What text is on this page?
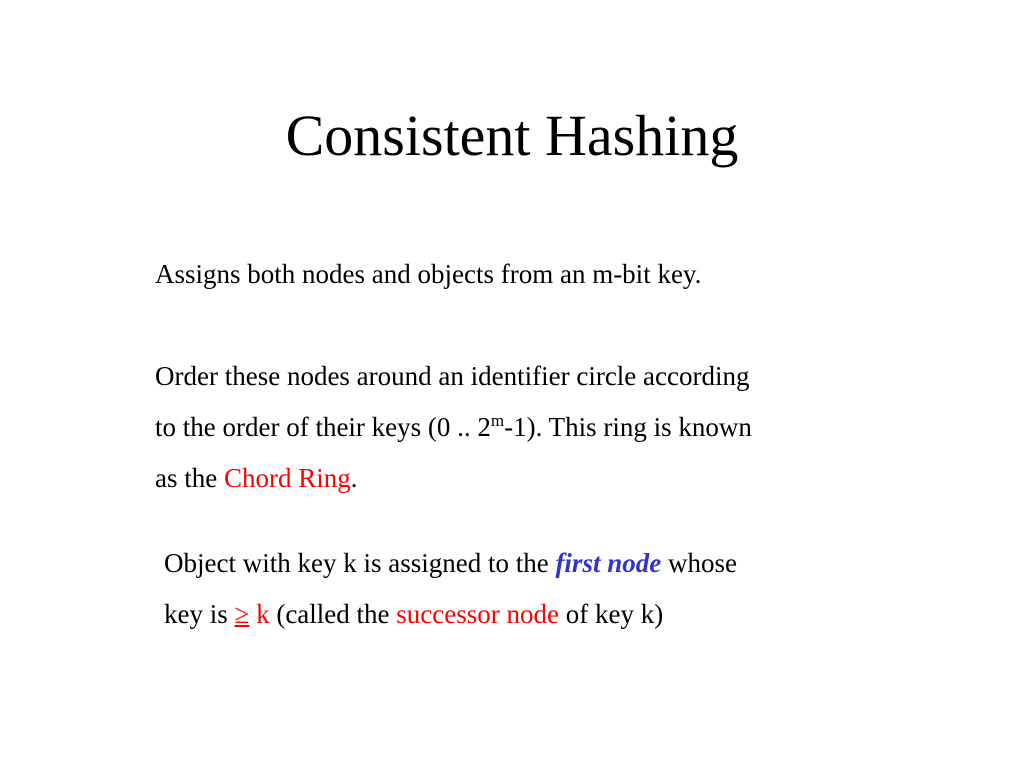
Consistent Hashing
Assigns both nodes and objects from an m-bit key.
Order these nodes around an identifier circle according
to the order of their keys (0 .. 2$^m$-1). This ring is known
as the Chord Ring.
Object with key k is assigned to the first node whose
key is ≥ k (called the successor node of key k)
